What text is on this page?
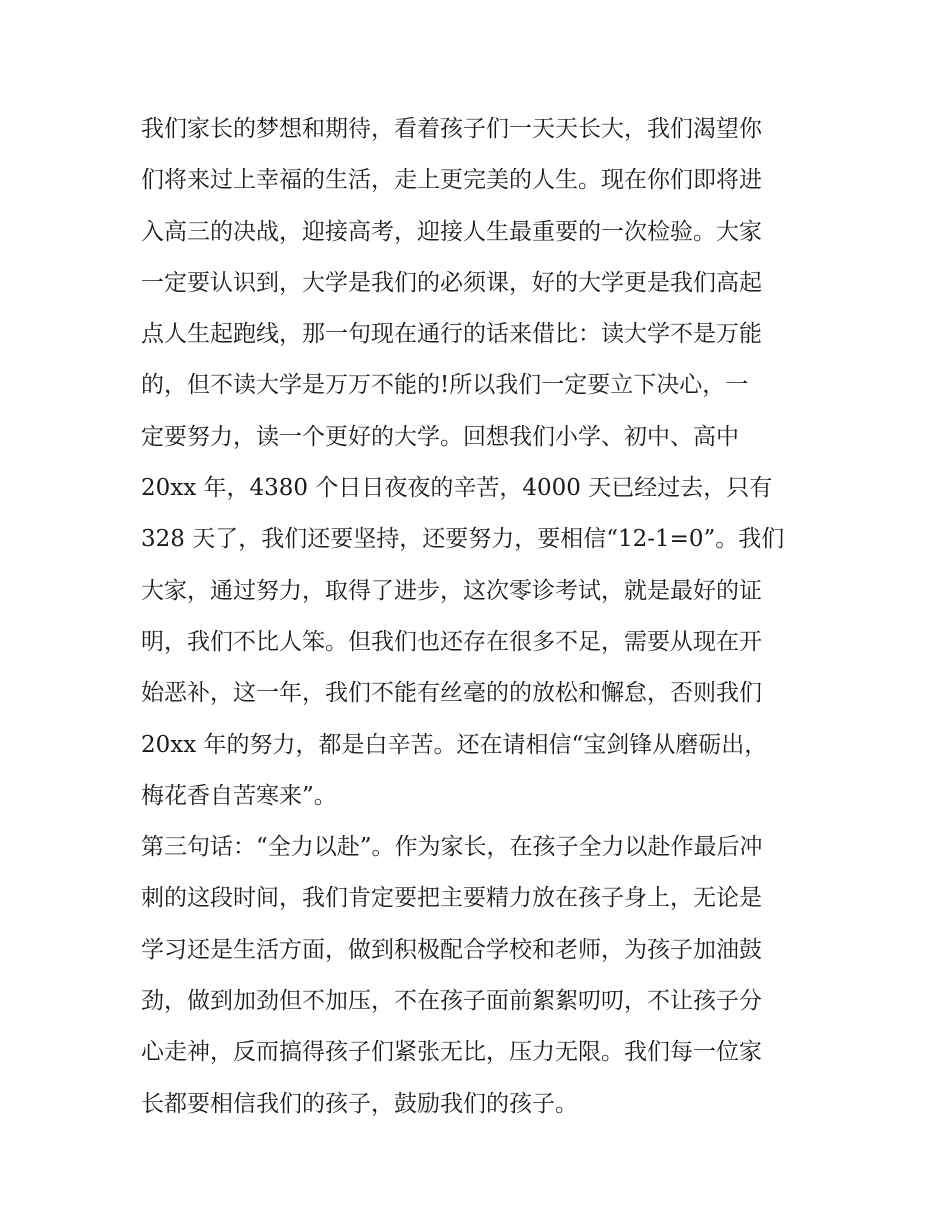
我们家长的梦想和期待，看着孩子们一天天长大，我们渴望你
们将来过上幸福的生活，走上更完美的人生。现在你们即将进
入高三的决战，迎接高考，迎接人生最重要的一次检验。大家
一定要认识到，大学是我们的必须课，好的大学更是我们高起
点人生起跑线，那一句现在通行的话来借比：读大学不是万能
的，但不读大学是万万不能的!所以我们一定要立下决心，一
定要努力，读一个更好的大学。回想我们小学、初中、高中
20xx 年，4380 个日日夜夜的辛苦，4000 天已经过去，只有
328 天了，我们还要坚持，还要努力，要相信“12-1=0”。我们
大家，通过努力，取得了进步，这次零诊考试，就是最好的证
明，我们不比人笨。但我们也还存在很多不足，需要从现在开
始恶补，这一年，我们不能有丝毫的的放松和懈怠，否则我们
20xx 年的努力，都是白辛苦。还在请相信“宝剑锋从磨砺出，
梅花香自苦寒来”。
第三句话：“全力以赴”。作为家长，在孩子全力以赴作最后冲
刺的这段时间，我们肯定要把主要精力放在孩子身上，无论是
学习还是生活方面，做到积极配合学校和老师，为孩子加油鼓
劲，做到加劲但不加压，不在孩子面前絮絮叨叨，不让孩子分
心走神，反而搞得孩子们紧张无比，压力无限。我们每一位家
长都要相信我们的孩子，鼓励我们的孩子。
